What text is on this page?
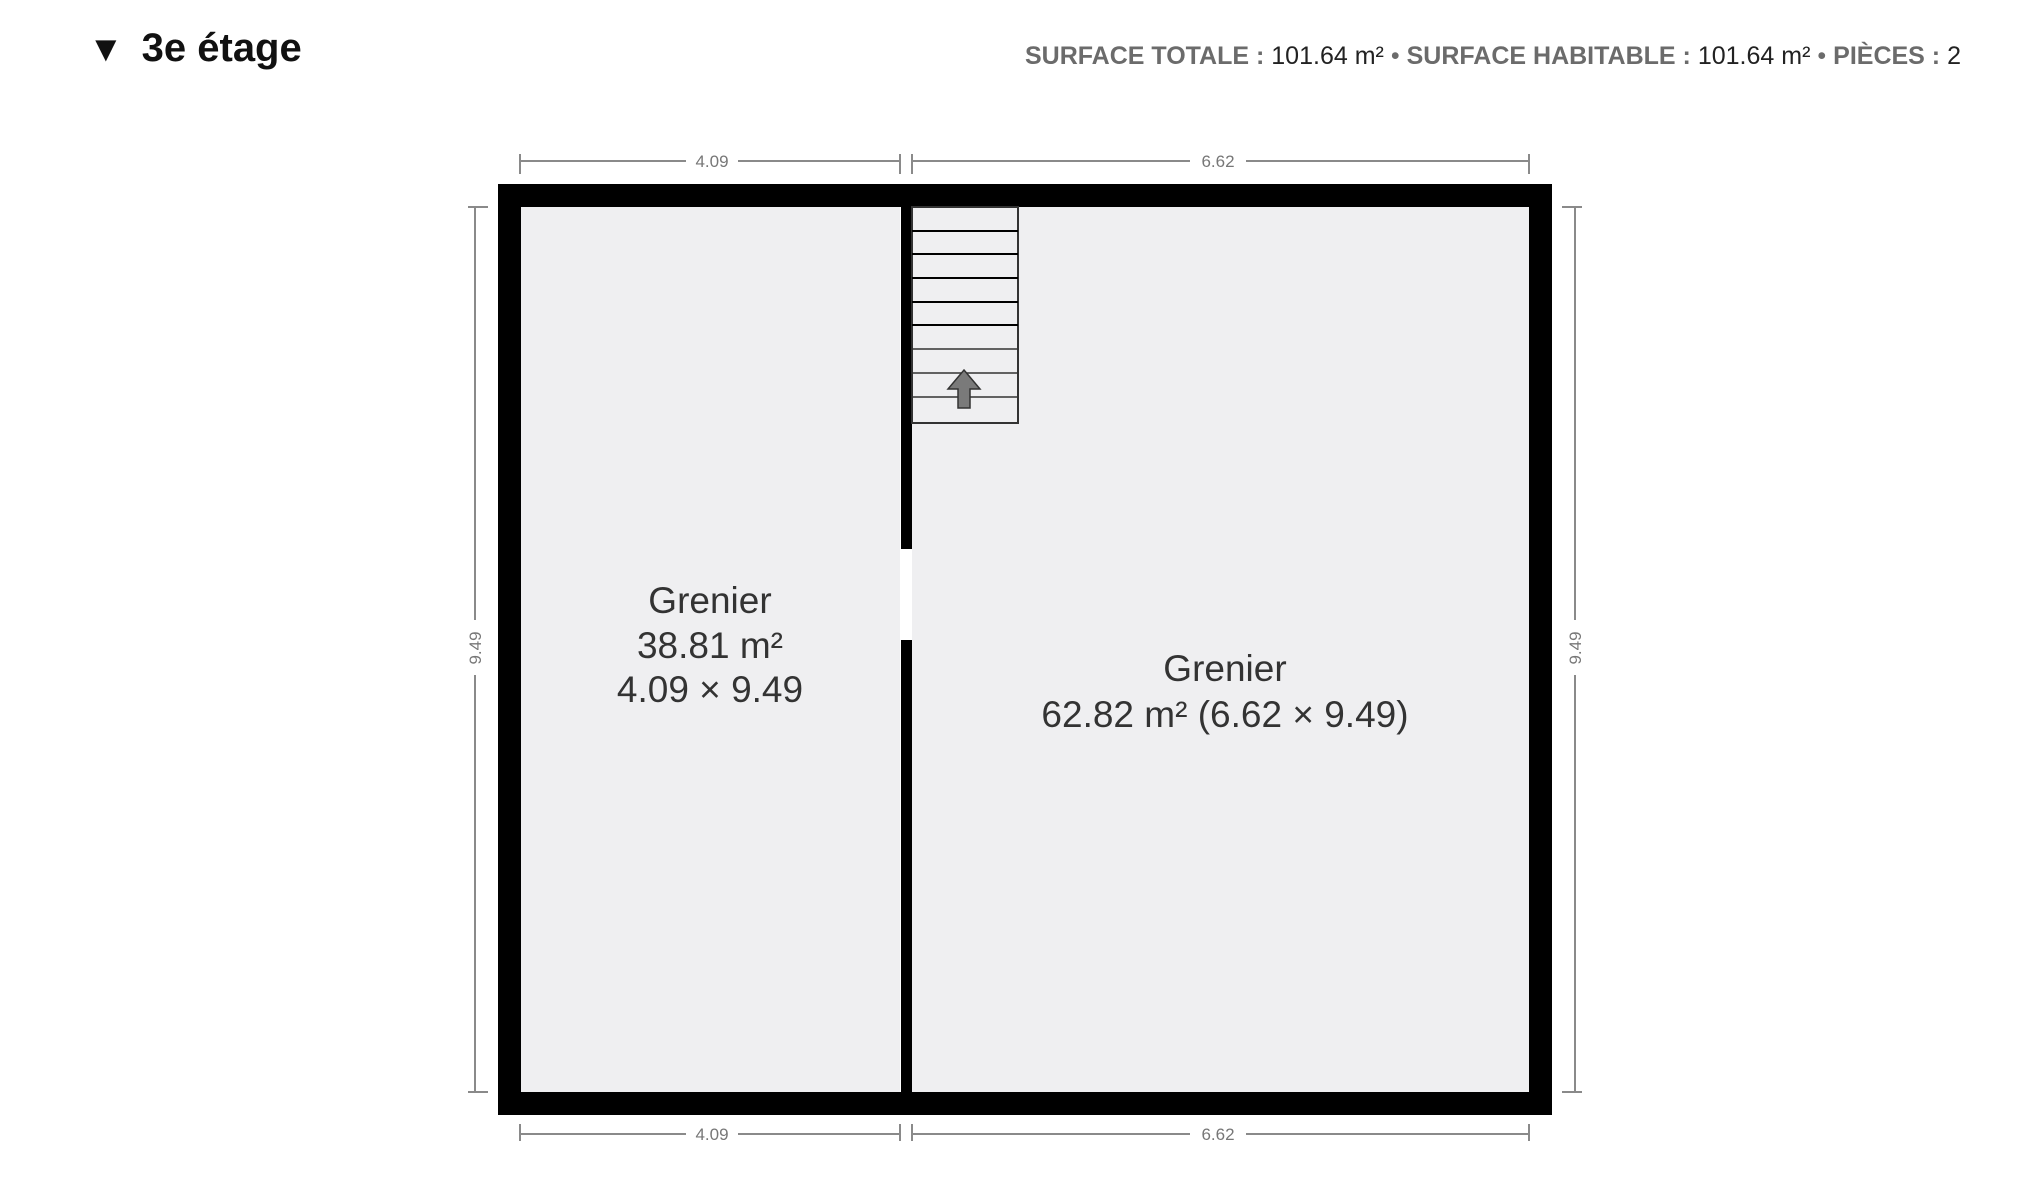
▼ 3e étage	SURFACE TOTALE : 101.64 m² • SURFACE HABITABLE : 101.64 m² • PIÈCES : 2
Grenier
38.81 m²
4.09 × 9.49
Grenier
62.82 m² (6.62 × 9.49)
4.09	6.62
4.09	6.62
9.49	9.49
